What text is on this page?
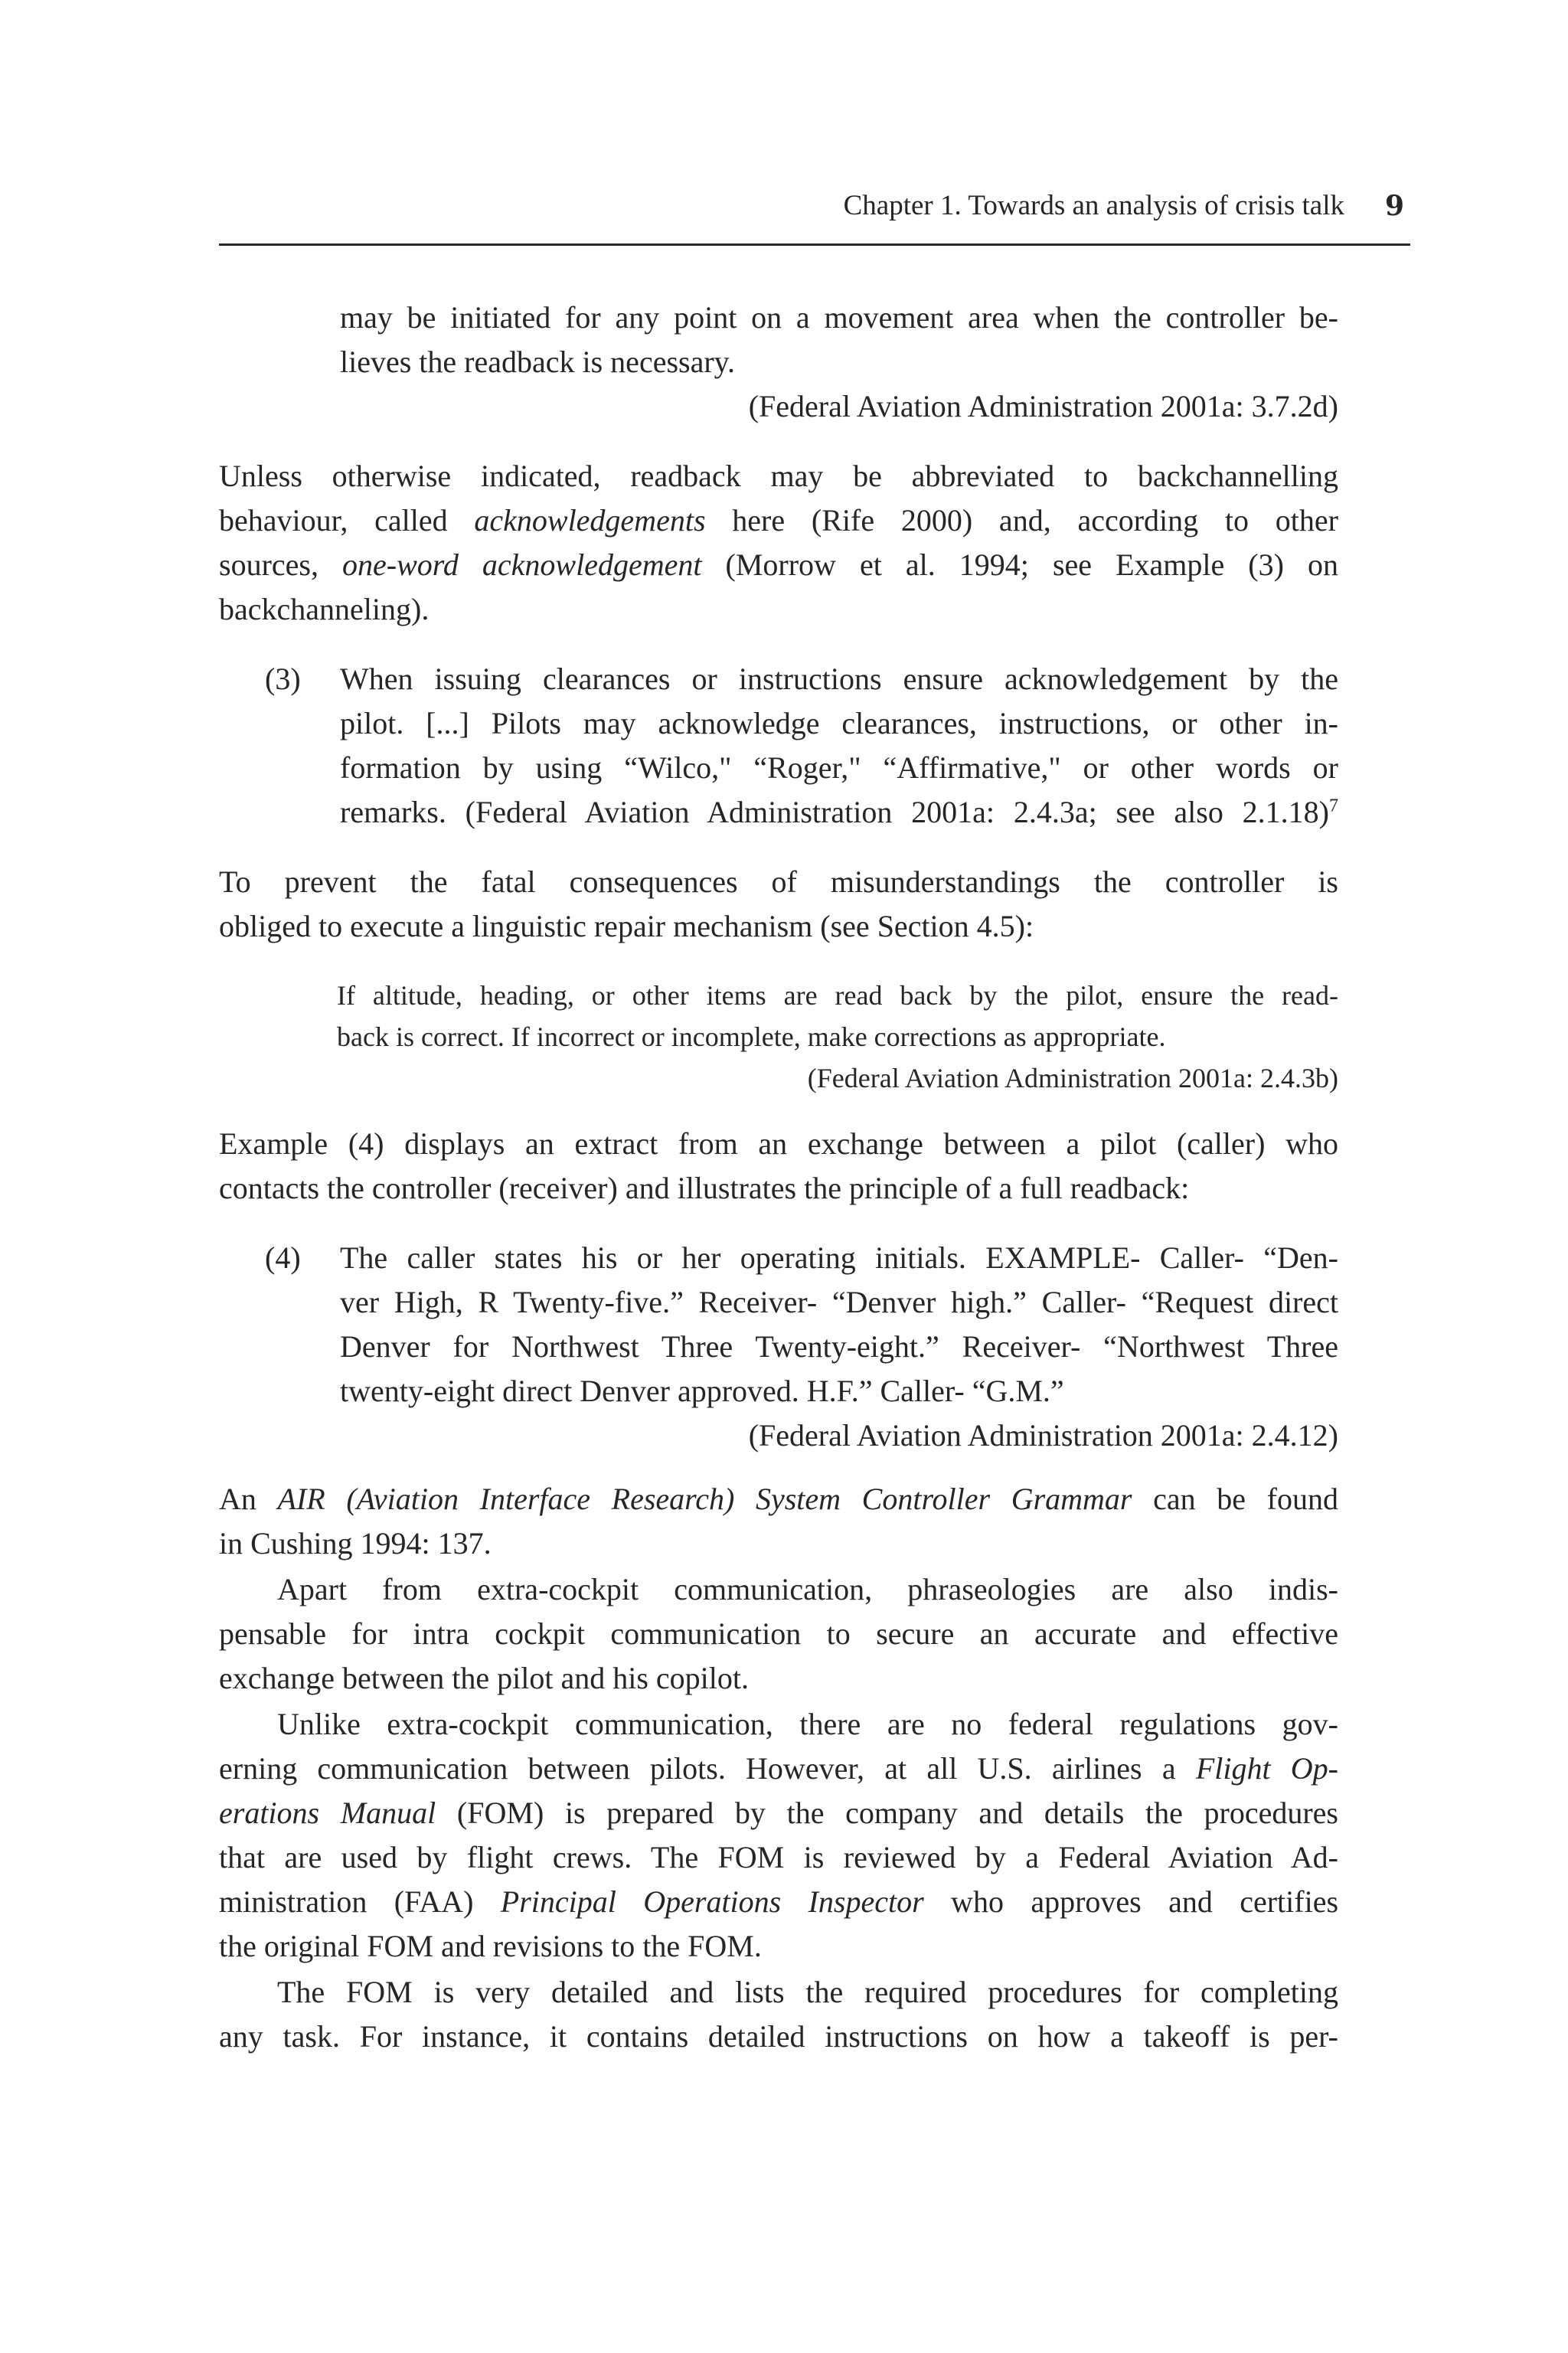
Chapter 1. Towards an analysis of crisis talk 9
may be initiated for any point on a movement area when the controller be-
lieves the readback is necessary.
(Federal Aviation Administration 2001a: 3.7.2d)
Unless otherwise indicated, readback may be abbreviated to backchannelling
behaviour, called acknowledgements here (Rife 2000) and, according to other
sources, one-word acknowledgement (Morrow et al. 1994; see Example (3) on
backchanneling).
(3) When issuing clearances or instructions ensure acknowledgement by the
pilot. [...] Pilots may acknowledge clearances, instructions, or other in-
formation by using “Wilco," “Roger," “Affirmative," or other words or
remarks. (Federal Aviation Administration 2001a: 2.4.3a; see also 2.1.18)$^7$
To prevent the fatal consequences of misunderstandings the controller is
obliged to execute a linguistic repair mechanism (see Section 4.5):
If altitude, heading, or other items are read back by the pilot, ensure the read-
back is correct. If incorrect or incomplete, make corrections as appropriate.
(Federal Aviation Administration 2001a: 2.4.3b)
Example (4) displays an extract from an exchange between a pilot (caller) who
contacts the controller (receiver) and illustrates the principle of a full readback:
(4) The caller states his or her operating initials. EXAMPLE- Caller- “Den-
ver High, R Twenty-five.” Receiver- “Denver high.” Caller- “Request direct
Denver for Northwest Three Twenty-eight.” Receiver- “Northwest Three
twenty-eight direct Denver approved. H.F.” Caller- “G.M.”
(Federal Aviation Administration 2001a: 2.4.12)
An AIR (Aviation Interface Research) System Controller Grammar can be found
in Cushing 1994: 137.
Apart from extra-cockpit communication, phraseologies are also indis-
pensable for intra cockpit communication to secure an accurate and effective
exchange between the pilot and his copilot.
Unlike extra-cockpit communication, there are no federal regulations gov-
erning communication between pilots. However, at all U.S. airlines a Flight Op-
erations Manual (FOM) is prepared by the company and details the procedures
that are used by flight crews. The FOM is reviewed by a Federal Aviation Ad-
ministration (FAA) Principal Operations Inspector who approves and certifies
the original FOM and revisions to the FOM.
The FOM is very detailed and lists the required procedures for completing
any task. For instance, it contains detailed instructions on how a takeoff is per-
